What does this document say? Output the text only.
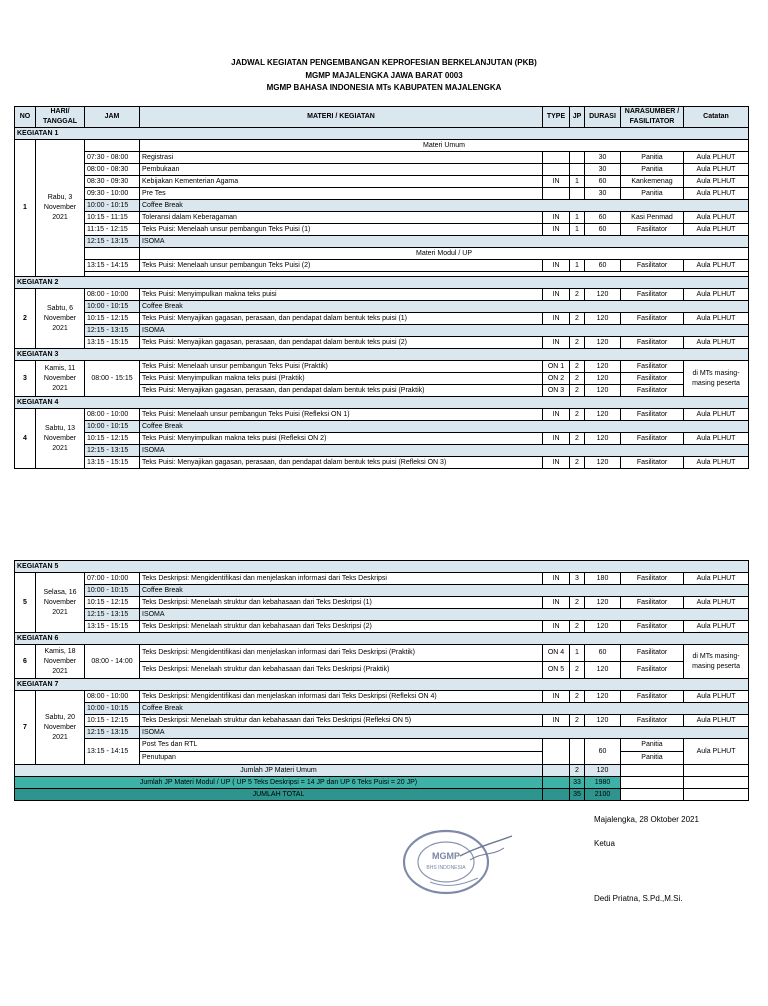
JADWAL KEGIATAN PENGEMBANGAN KEPROFESIAN BERKELANJUTAN (PKB)
MGMP MAJALENGKA JAWA BARAT 0003
MGMP BAHASA INDONESIA MTs KABUPATEN MAJALENGKA
NO	HARI/ TANGGAL	JAM	MATERI / KEGIATAN	TYPE	JP	DURASI	NARASUMBER / FASILITATOR	Catatan
KEGIATAN 1								
1	Rabu, 3 November 2021		Materi Umum					
		07:30 - 08:00	Registrasi			30	Panitia	Aula PLHUT
		08:00 - 08:30	Pembukaan			30	Panitia	Aula PLHUT
		08:30 - 09:30	Kebijakan Kementerian Agama	IN	1	60	Kankemenag	Aula PLHUT
		09:30 - 10:00	Pre Tes			30	Panitia	Aula PLHUT
		10:00 - 10:15	Coffee Break					
		10:15 - 11:15	Toleransi dalam Keberagaman	IN	1	60	Kasi Penmad	Aula PLHUT
		11:15 - 12:15	Teks Puisi: Menelaah unsur pembangun Teks Puisi (1)	IN	1	60	Fasilitator	Aula PLHUT
		12:15 - 13:15	ISOMA					
			Materi Modul / UP					
		13:15 - 14:15	Teks Puisi: Menelaah unsur pembangun Teks Puisi (2)	IN	1	60	Fasilitator	Aula PLHUT

KEGIATAN 2								
2	Sabtu, 6 November 2021	08:00 - 10:00	Teks Puisi: Menyimpulkan makna teks puisi	IN	2	120	Fasilitator	Aula PLHUT
		10:00 - 10:15	Coffee Break					
		10:15 - 12:15	Teks Puisi: Menyajikan gagasan, perasaan, dan pendapat dalam bentuk teks puisi (1)	IN	2	120	Fasilitator	Aula PLHUT
		12:15 - 13:15	ISOMA					
		13:15 - 15:15	Teks Puisi: Menyajikan gagasan, perasaan, dan pendapat dalam bentuk teks puisi (2)	IN	2	120	Fasilitator	Aula PLHUT
KEGIATAN 3								
3	Kamis, 11 November 2021	08:00 - 15:15	Teks Puisi: Menelaah unsur pembangun Teks Puisi (Praktik)	ON 1	2	120	Fasilitator	di MTs masing-masing peserta
			Teks Puisi: Menyimpulkan makna teks puisi (Praktik)	ON 2	2	120	Fasilitator	
			Teks Puisi: Menyajikan gagasan, perasaan, dan pendapat dalam bentuk teks puisi (Praktik)	ON 3	2	120	Fasilitator	
KEGIATAN 4								
4	Sabtu, 13 November 2021	08:00 - 10:00	Teks Puisi: Menelaah unsur pembangun Teks Puisi (Refleksi ON 1)	IN	2	120	Fasilitator	Aula PLHUT
		10:00 - 10:15	Coffee Break					
		10:15 - 12:15	Teks Puisi: Menyimpulkan makna teks puisi (Refleksi ON 2)	IN	2	120	Fasilitator	Aula PLHUT
		12:15 - 13:15	ISOMA					
		13:15 - 15:15	Teks Puisi: Menyajikan gagasan, perasaan, dan pendapat dalam bentuk teks puisi (Refleksi ON 3)	IN	2	120	Fasilitator	Aula PLHUT
KEGIATAN 5								
5	Selasa, 16 November 2021	07:00 - 10:00	Teks Deskripsi: Mengidentifikasi dan menjelaskan informasi dari Teks Deskripsi	IN	3	180	Fasilitator	Aula PLHUT
		10:00 - 10:15	Coffee Break					
		10:15 - 12:15	Teks Deskripsi: Menelaah struktur dan kebahasaan dari Teks Deskripsi (1)	IN	2	120	Fasilitator	Aula PLHUT
		12:15 - 13:15	ISOMA					
		13:15 - 15:15	Teks Deskripsi: Menelaah struktur dan kebahasaan dari Teks Deskripsi (2)	IN	2	120	Fasilitator	Aula PLHUT
KEGIATAN 6								
6	Kamis, 18 November 2021	08:00 - 14:00	Teks Deskripsi: Mengidentifikasi dan menjelaskan informasi dari Teks Deskripsi (Praktik)	ON 4	1	60	Fasilitator	di MTs masing-masing peserta
			Teks Deskripsi: Menelaah struktur dan kebahasaan dari Teks Deskripsi (Praktik)	ON 5	2	120	Fasilitator	
KEGIATAN 7								
7	Sabtu, 20 November 2021	08:00 - 10:00	Teks Deskripsi: Mengidentifikasi dan menjelaskan informasi dari Teks Deskripsi (Refleksi ON 4)	IN	2	120	Fasilitator	Aula PLHUT
		10:00 - 10:15	Coffee Break					
		10:15 - 12:15	Teks Deskripsi: Menelaah struktur dan kebahasaan dari Teks Deskripsi (Refleksi ON 5)	IN	2	120	Fasilitator	Aula PLHUT
		12:15 - 13:15	ISOMA					
		13:15 - 14:15	Post Tes dan RTL			60	Panitia	Aula PLHUT
			Penutupan				Panitia	
Jumlah JP Materi Umum					2	120		
Jumlah JP Materi Modul / UP ( UP 5 Teks Deskripsi = 14 JP dan UP 6 Teks Puisi = 20 JP)					33	1980		
JUMLAH TOTAL					35	2100		
Majalengka, 28 Oktober 2021
Ketua
Dedi Priatna, S.Pd.,M.Si.
MGMP
BHS INDONESIA
